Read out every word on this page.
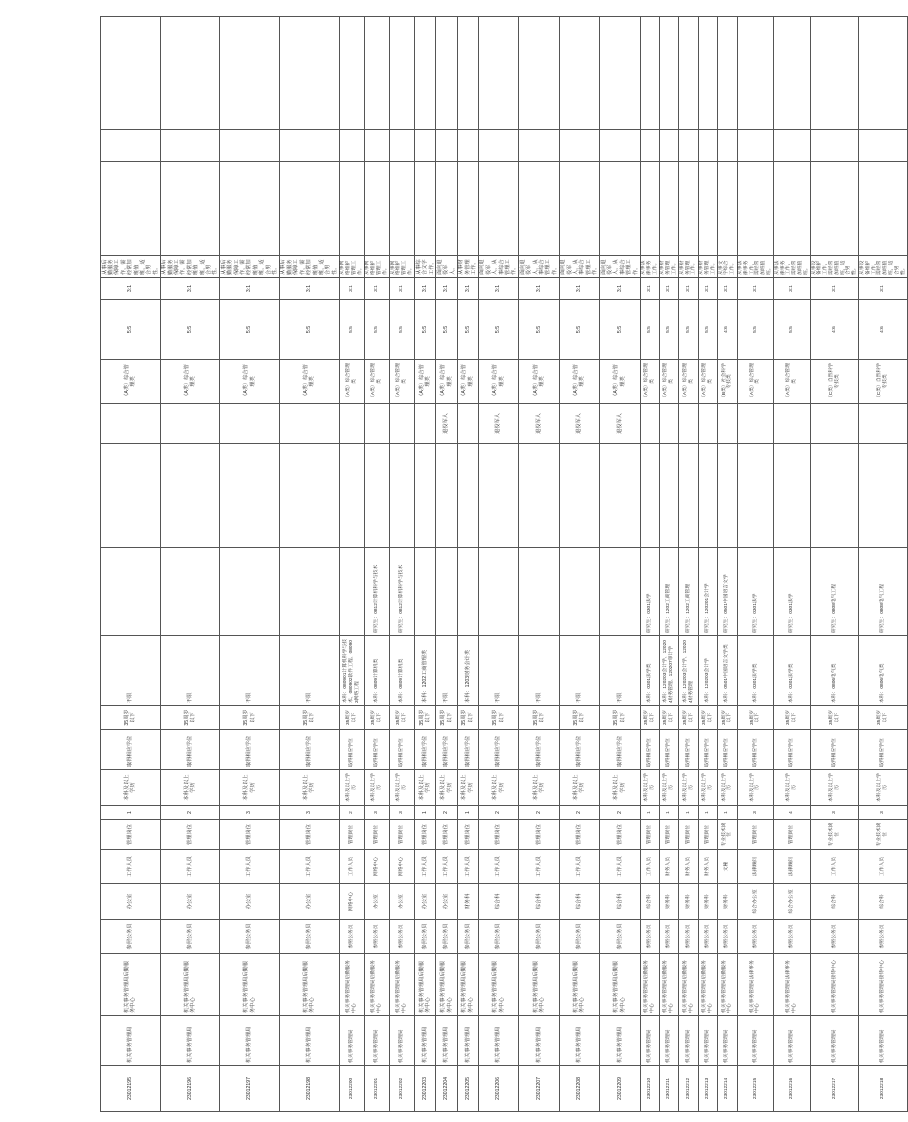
23012195	机关事务管理局	机关事务管理局后勤服务中心	参照公务员	办公室	工作人员	管理岗位	1	本科及以上学历	取得相应学位	35周岁以下	不限				（A类）综合管理类	5:5	3:1	从事后勤服务保障工作，需经常加班值班，适合男性。			
23012196	机关事务管理局	机关事务管理局后勤服务中心	参照公务员	办公室	工作人员	管理岗位	2	本科及以上学历	取得相应学位	35周岁以下	不限				（A类）综合管理类	5:5	3:1	从事后勤服务保障工作，需经常加班值班，适合男性。			
23012197	机关事务管理局	机关事务管理局后勤服务中心	参照公务员	办公室	工作人员	管理岗位	3	本科及以上学历	取得相应学位	35周岁以下	不限				（A类）综合管理类	5:5	3:1	从事后勤服务保障工作，需经常加班值班，适合男性。			
23012198	机关事务管理局	机关事务管理局后勤服务中心	参照公务员	办公室	工作人员	管理岗位	3	本科及以上学历	取得相应学位	35周岁以下	不限				（A类）综合管理类	5:5	3:1	从事后勤服务保障工作，需经常加班值班，适合男性。			
23012200	机关事务管理局	机关事务管理局后勤服务中心	参照公务员	网络中心	工作人员	管理岗位	2	本科及以上学历	取得相应学位	35周岁以下	本科：080901计算机科学与技术、080902软件工程、080903网络工程				（A类）综合管理类	5:5	3:1	从事网络维护管理工作。			
23012201	机关事务管理局	机关事务管理局后勤服务中心	参照公务员	办公室	网络中心	管理岗位	3	本科及以上学历	取得相应学位	35周岁以下	本科：0809计算机类	研究生：0812计算机科学与技术			（A类）综合管理类	5:5	3:1	从事网络维护管理工作。			
23012202	机关事务管理局	机关事务管理局后勤服务中心	参照公务员	办公室	网络中心	管理岗位	3	本科及以上学历	取得相应学位	35周岁以下	本科：0809计算机类	研究生：0812计算机科学与技术			（A类）综合管理类	5:5	3:1	从事网络维护管理工作。			
23012203	机关事务管理局	机关事务管理局后勤服务中心	参照公务员	办公室	工作人员	管理岗位	1	本科及以上学历	取得相应学位	35周岁以下	本科：1202工商管理类				（A类）综合管理类	5:5	3:1	从事综合文字工作。			
23012204	机关事务管理局	机关事务管理局后勤服务中心	参照公务员	办公室	工作人员	管理岗位	2	本科及以上学历	取得相应学位	35周岁以下	不限			退役军人	（A类）综合管理类	5:5	3:1	面向退役军人。			
23012205	机关事务管理局	机关事务管理局后勤服务中心	参照公务员	财务科	工作人员	管理岗位	1	本科及以上学历	取得相应学位	35周岁以下	本科：1203财务会计类				（A类）综合管理类	5:5	3:1	从事财务管理工作。			
23012206	机关事务管理局	机关事务管理局后勤服务中心	参照公务员	综合科	工作人员	管理岗位	2	本科及以上学历	取得相应学位	35周岁以下	不限			退役军人	（A类）综合管理类	5:5	3:1	面向退役军人，从事综合管理工作。			
23012207	机关事务管理局	机关事务管理局后勤服务中心	参照公务员	综合科	工作人员	管理岗位	2	本科及以上学历	取得相应学位	35周岁以下	不限			退役军人	（A类）综合管理类	5:5	3:1	面向退役军人，从事综合管理工作。			
23012208	机关事务管理局	机关事务管理局后勤服务中心	参照公务员	综合科	工作人员	管理岗位	2	本科及以上学历	取得相应学位	35周岁以下	不限			退役军人	（A类）综合管理类	5:5	3:1	面向退役军人，从事综合管理工作。			
23012209	机关事务管理局	机关事务管理局后勤服务中心	参照公务员	综合科	工作人员	管理岗位	2	本科及以上学历	取得相应学位	35周岁以下	不限			退役军人	（A类）综合管理类	5:5	3:1	面向退役军人，从事综合管理工作。			
23012210	机关事务管理局	机关事务管理局后勤服务中心	参照公务员	综合科	工作人员	管理岗位	1	本科及以上学历	取得相应学位	35周岁以下	本科：0301法学类	研究生：0301法学			（A类）综合管理类	5:5	3:1	从事法律事务工作。			
23012211	机关事务管理局	机关事务管理局后勤服务中心	参照公务员	财务科	财务人员	管理岗位	1	本科及以上学历	取得相应学位	35周岁以下	本科：120203会计学、120204财务管理、120207审计学	研究生：1202工商管理			（A类）综合管理类	5:5	3:1	从事财务管理工作。			
23012212	机关事务管理局	机关事务管理局后勤服务中心	参照公务员	财务科	财务人员	管理岗位	1	本科及以上学历	取得相应学位	35周岁以下	本科：120203会计学、120204财务管理	研究生：1202工商管理			（A类）综合管理类	5:5	3:1	从事财务管理工作。			
23012213	机关事务管理局	机关事务管理局后勤服务中心	参照公务员	财务科	财务人员	管理岗位	1	本科及以上学历	取得相应学位	35周岁以下	本科：120203会计学	研究生：120201会计学			（A类）综合管理类	5:5	3:1	从事财务管理工作。			
23012214	机关事务管理局	机关事务管理局后勤服务中心	参照公务员	财务科	文秘	专业技术岗位	1	本科及以上学历	取得相应学位	35周岁以下	本科：0501中国语言文学类	研究生：0501中国语言文学			（B类）社会科学专技类	4:6	3:1	从事文字综合工作。			
23012215	机关事务管理局	机关事务管理局法律事务中心	参照公务员	综合办公室	法律顾问	管理岗位	3	本科及以上学历	取得相应学位	35周岁以下	本科：0301法学类	研究生：0301法学			（A类）综合管理类	5:5	3:1	从事法律事务工作，需经常加班值班。			
23012216	机关事务管理局	机关事务管理局法律事务中心	参照公务员	综合办公室	法律顾问	管理岗位	4	本科及以上学历	取得相应学位	35周岁以下	本科：0301法学类	研究生：0301法学			（A类）综合管理类	5:5	3:1	从事法律事务工作，需经常加班值班。			
23012217	机关事务管理局	机关事务管理局接待中心	参照公务员	综合科	工作人员	专业技术岗位	3	本科及以上学历	取得相应学位	35周岁以下	本科：0806电气类	研究生：0808电气工程			（C类）自然科学专技类	4:6	3:1	从事设备维护工作，需经常加班值班，适合男性。			
23012218	机关事务管理局	机关事务管理局接待中心	参照公务员	综合科	工作人员	专业技术岗位	3	本科及以上学历	取得相应学位	35周岁以下	本科：0806电气类	研究生：0808电气工程			（C类）自然科学专技类	4:6	3:1	从事设备维护工作，需经常加班值班，适合男性。			
